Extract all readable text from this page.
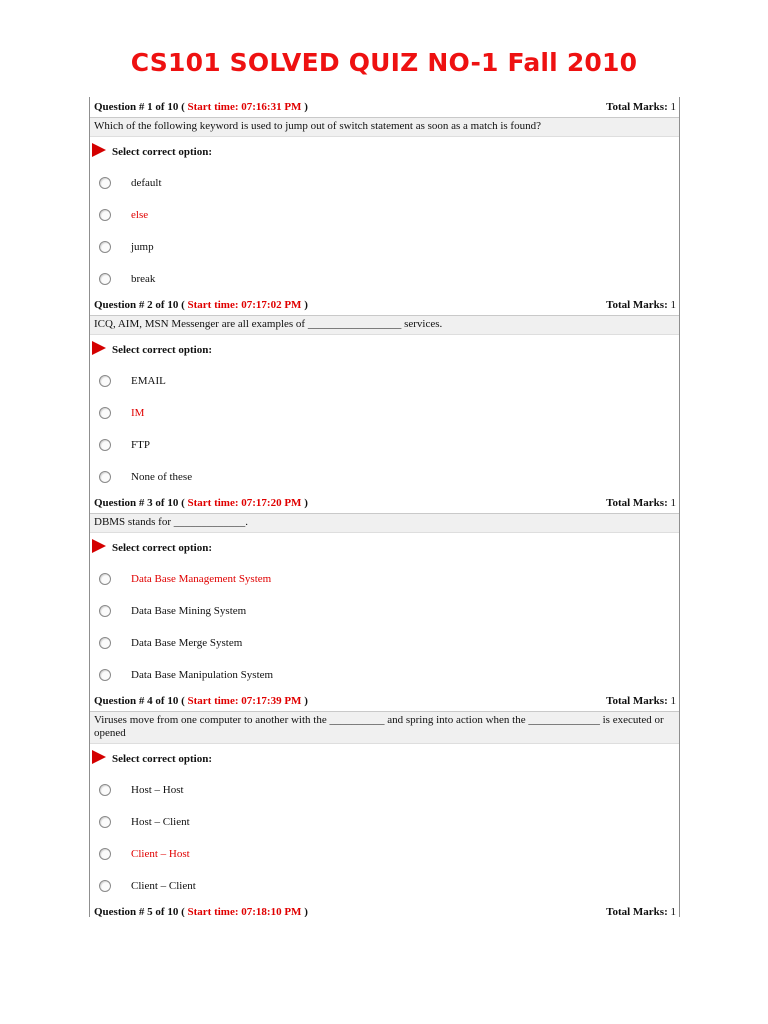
CS101 SOLVED QUIZ NO-1 Fall 2010
Question # 1 of 10 ( Start time: 07:16:31 PM )	Total Marks: 1
Which of the following keyword is used to jump out of switch statement as soon as a match is found?
Select correct option:
default
else
jump
break
Question # 2 of 10 ( Start time: 07:17:02 PM )	Total Marks: 1
ICQ, AIM, MSN Messenger are all examples of _________________ services.
Select correct option:
EMAIL
IM
FTP
None of these
Question # 3 of 10 ( Start time: 07:17:20 PM )	Total Marks: 1
DBMS stands for _____________.
Select correct option:
Data Base Management System
Data Base Mining System
Data Base Merge System
Data Base Manipulation System
Question # 4 of 10 ( Start time: 07:17:39 PM )	Total Marks: 1
Viruses move from one computer to another with the __________ and spring into action when the _____________ is executed or opened
Select correct option:
Host – Host
Host – Client
Client – Host
Client – Client
Question # 5 of 10 ( Start time: 07:18:10 PM )	Total Marks: 1
